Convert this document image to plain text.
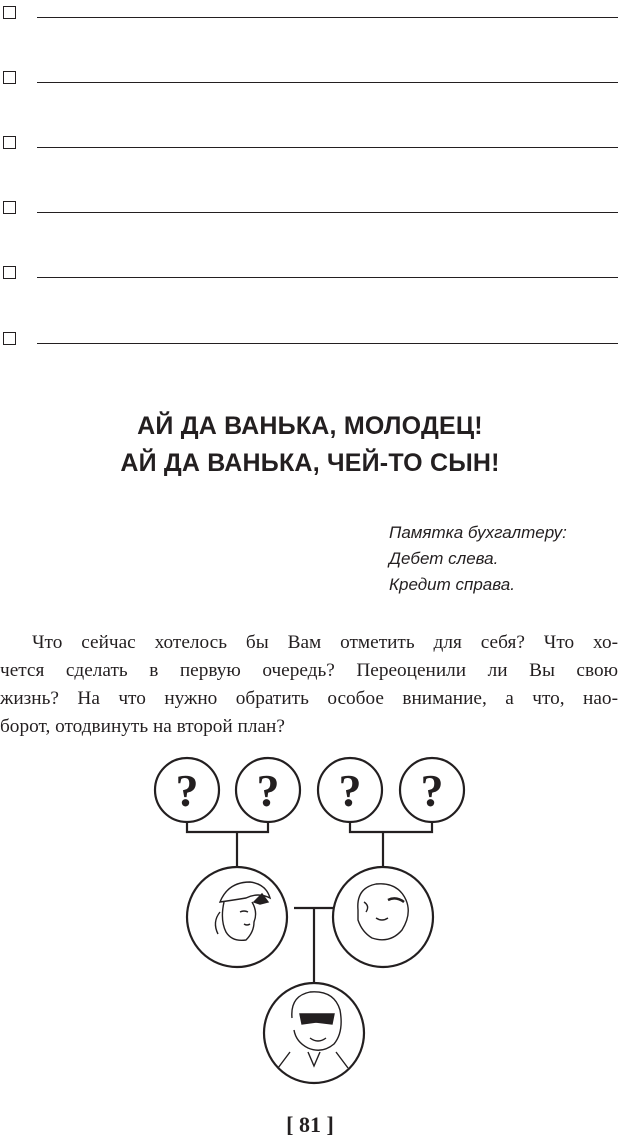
АЙ ДА ВАНЬКА, МОЛОДЕЦ!
АЙ ДА ВАНЬКА, ЧЕЙ-ТО СЫН!
Памятка бухгалтеру:
Дебет слева.
Кредит справа.
Что сейчас хотелось бы Вам отметить для себя? Что хо-
чется сделать в первую очередь? Переоценили ли Вы свою
жизнь? На что нужно обратить особое внимание, а что, нао-
борот, отодвинуть на второй план?
? ? ? ?
[ 81 ]
